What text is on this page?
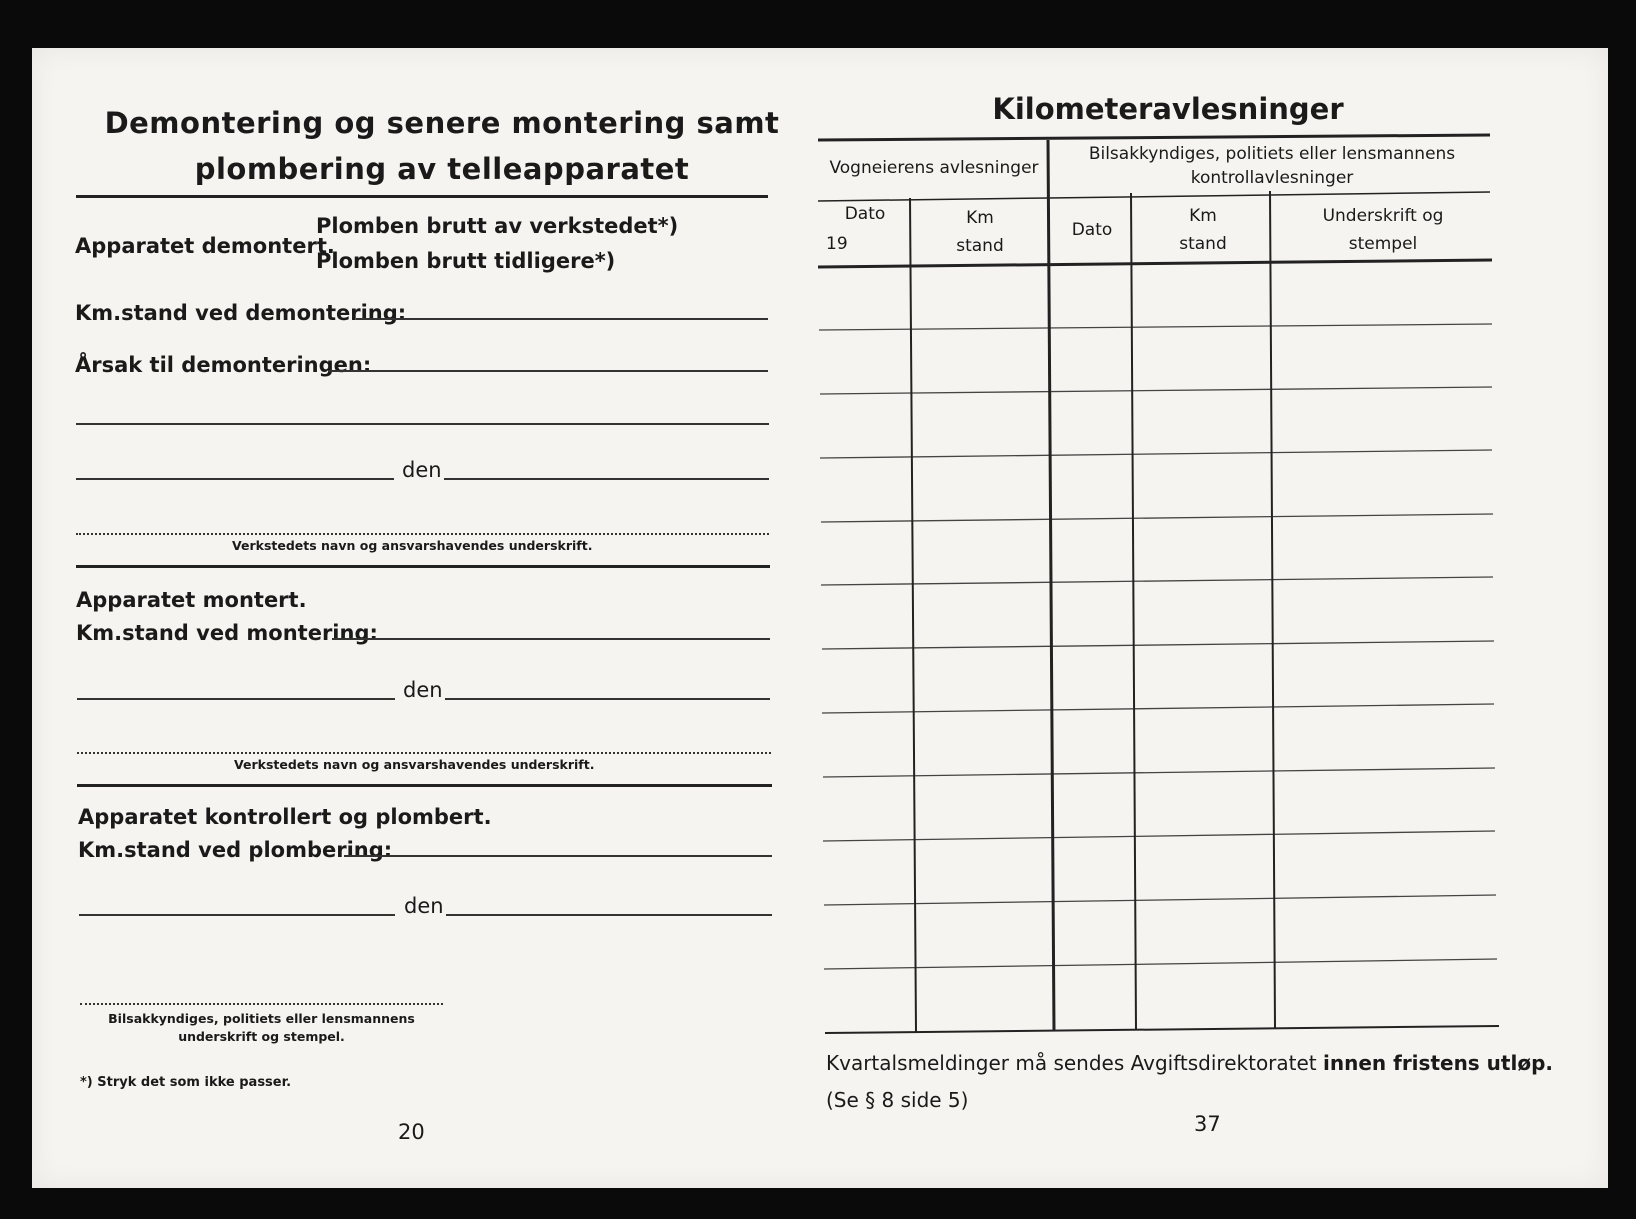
Demontering og senere montering samt
plombering av telleapparatet
Apparatet demontert.
Plomben brutt av verkstedet*)
Plomben brutt tidligere*)
Km.stand ved demontering:
Årsak til demonteringen:
den
Verkstedets navn og ansvarshavendes underskrift.
Apparatet montert.
Km.stand ved montering:
den
Verkstedets navn og ansvarshavendes underskrift.
Apparatet kontrollert og plombert.
Km.stand ved plombering:
den
Bilsakkyndiges, politiets eller lensmannens
underskrift og stempel.
*) Stryk det som ikke passer.
20
Kilometeravlesninger
Vogneierens avlesninger
Bilsakkyndiges, politiets eller lensmannens
kontrollavlesninger
Dato
19
Km
stand
Dato
Km
stand
Underskrift og
stempel
Kvartalsmeldinger må sendes Avgiftsdirektoratet innen fristens utløp.
(Se § 8 side 5)
37
